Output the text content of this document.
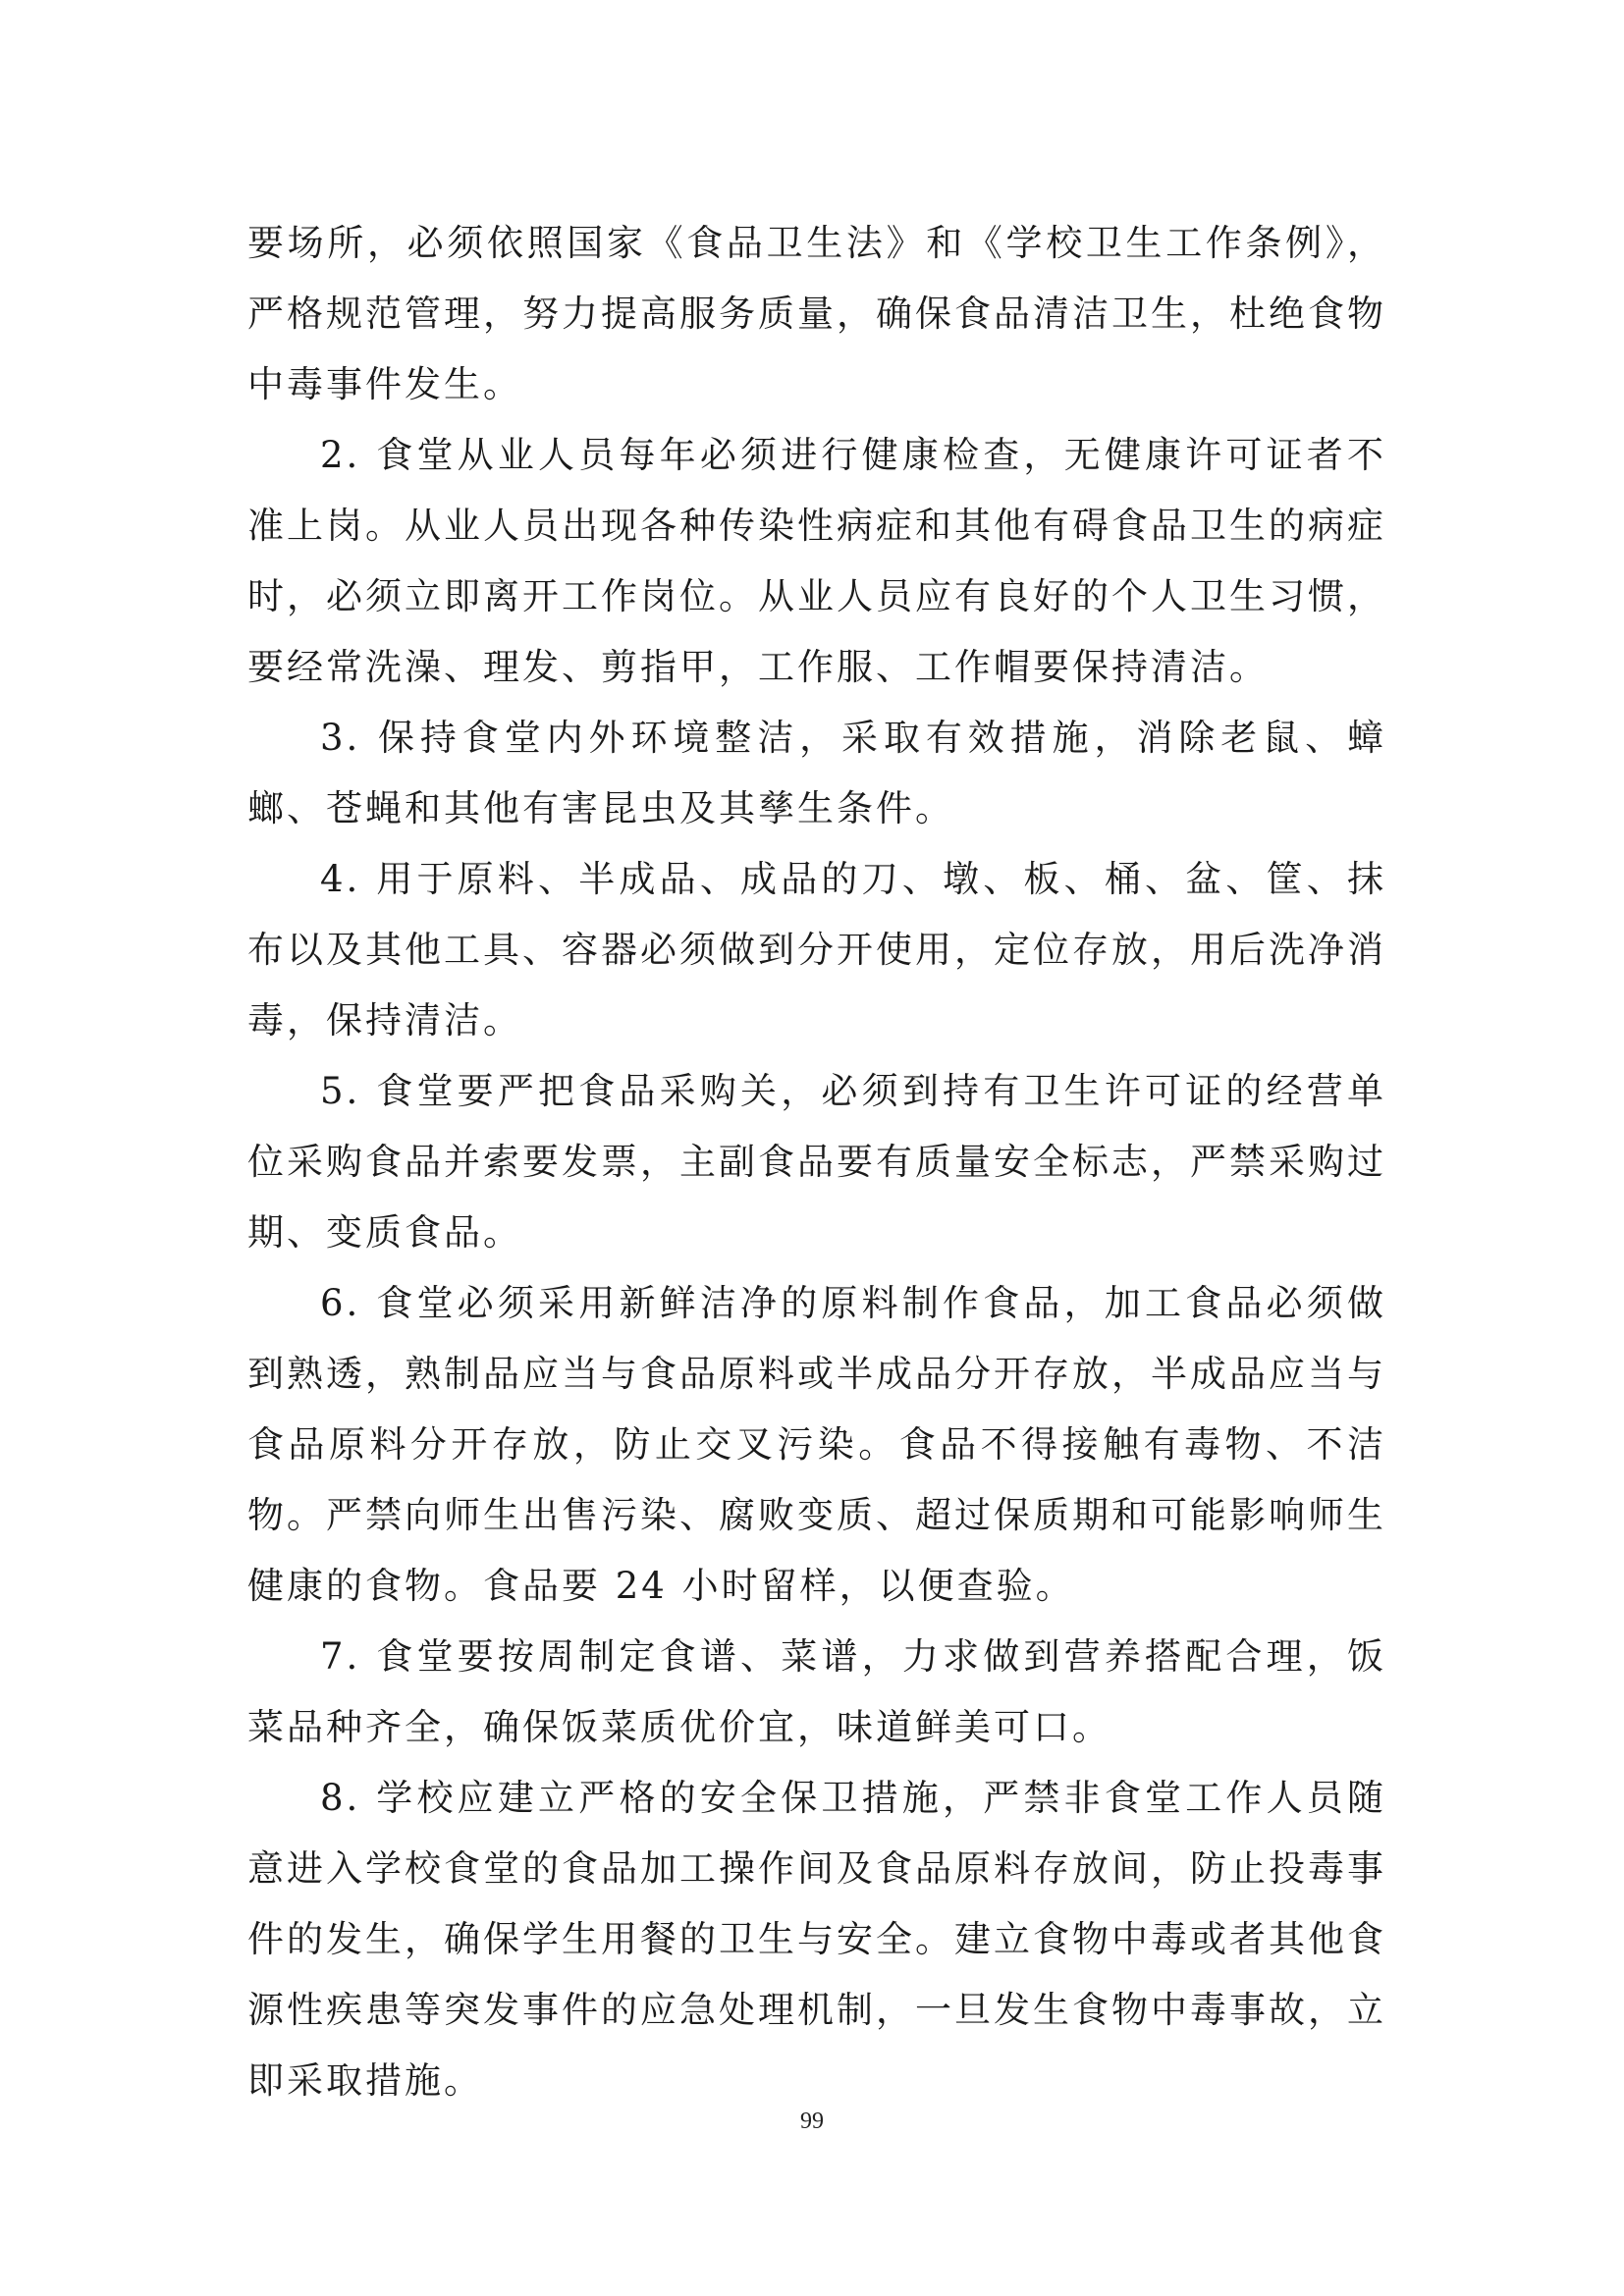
要场所，必须依照国家《食品卫生法》和《学校卫生工作条例》，严格规范管理，努力提高服务质量，确保食品清洁卫生，杜绝食物中毒事件发生。

2. 食堂从业人员每年必须进行健康检查，无健康许可证者不准上岗。从业人员出现各种传染性病症和其他有碍食品卫生的病症时，必须立即离开工作岗位。从业人员应有良好的个人卫生习惯，要经常洗澡、理发、剪指甲，工作服、工作帽要保持清洁。

3. 保持食堂内外环境整洁，采取有效措施，消除老鼠、蟑螂、苍蝇和其他有害昆虫及其孳生条件。

4. 用于原料、半成品、成品的刀、墩、板、桶、盆、筐、抹布以及其他工具、容器必须做到分开使用，定位存放，用后洗净消毒，保持清洁。

5. 食堂要严把食品采购关，必须到持有卫生许可证的经营单位采购食品并索要发票，主副食品要有质量安全标志，严禁采购过期、变质食品。

6. 食堂必须采用新鲜洁净的原料制作食品，加工食品必须做到熟透，熟制品应当与食品原料或半成品分开存放，半成品应当与食品原料分开存放，防止交叉污染。食品不得接触有毒物、不洁物。严禁向师生出售污染、腐败变质、超过保质期和可能影响师生健康的食物。食品要 24 小时留样，以便查验。

7. 食堂要按周制定食谱、菜谱，力求做到营养搭配合理，饭菜品种齐全，确保饭菜质优价宜，味道鲜美可口。

8. 学校应建立严格的安全保卫措施，严禁非食堂工作人员随意进入学校食堂的食品加工操作间及食品原料存放间，防止投毒事件的发生，确保学生用餐的卫生与安全。建立食物中毒或者其他食源性疾患等突发事件的应急处理机制，一旦发生食物中毒事故，立即采取措施。

99
